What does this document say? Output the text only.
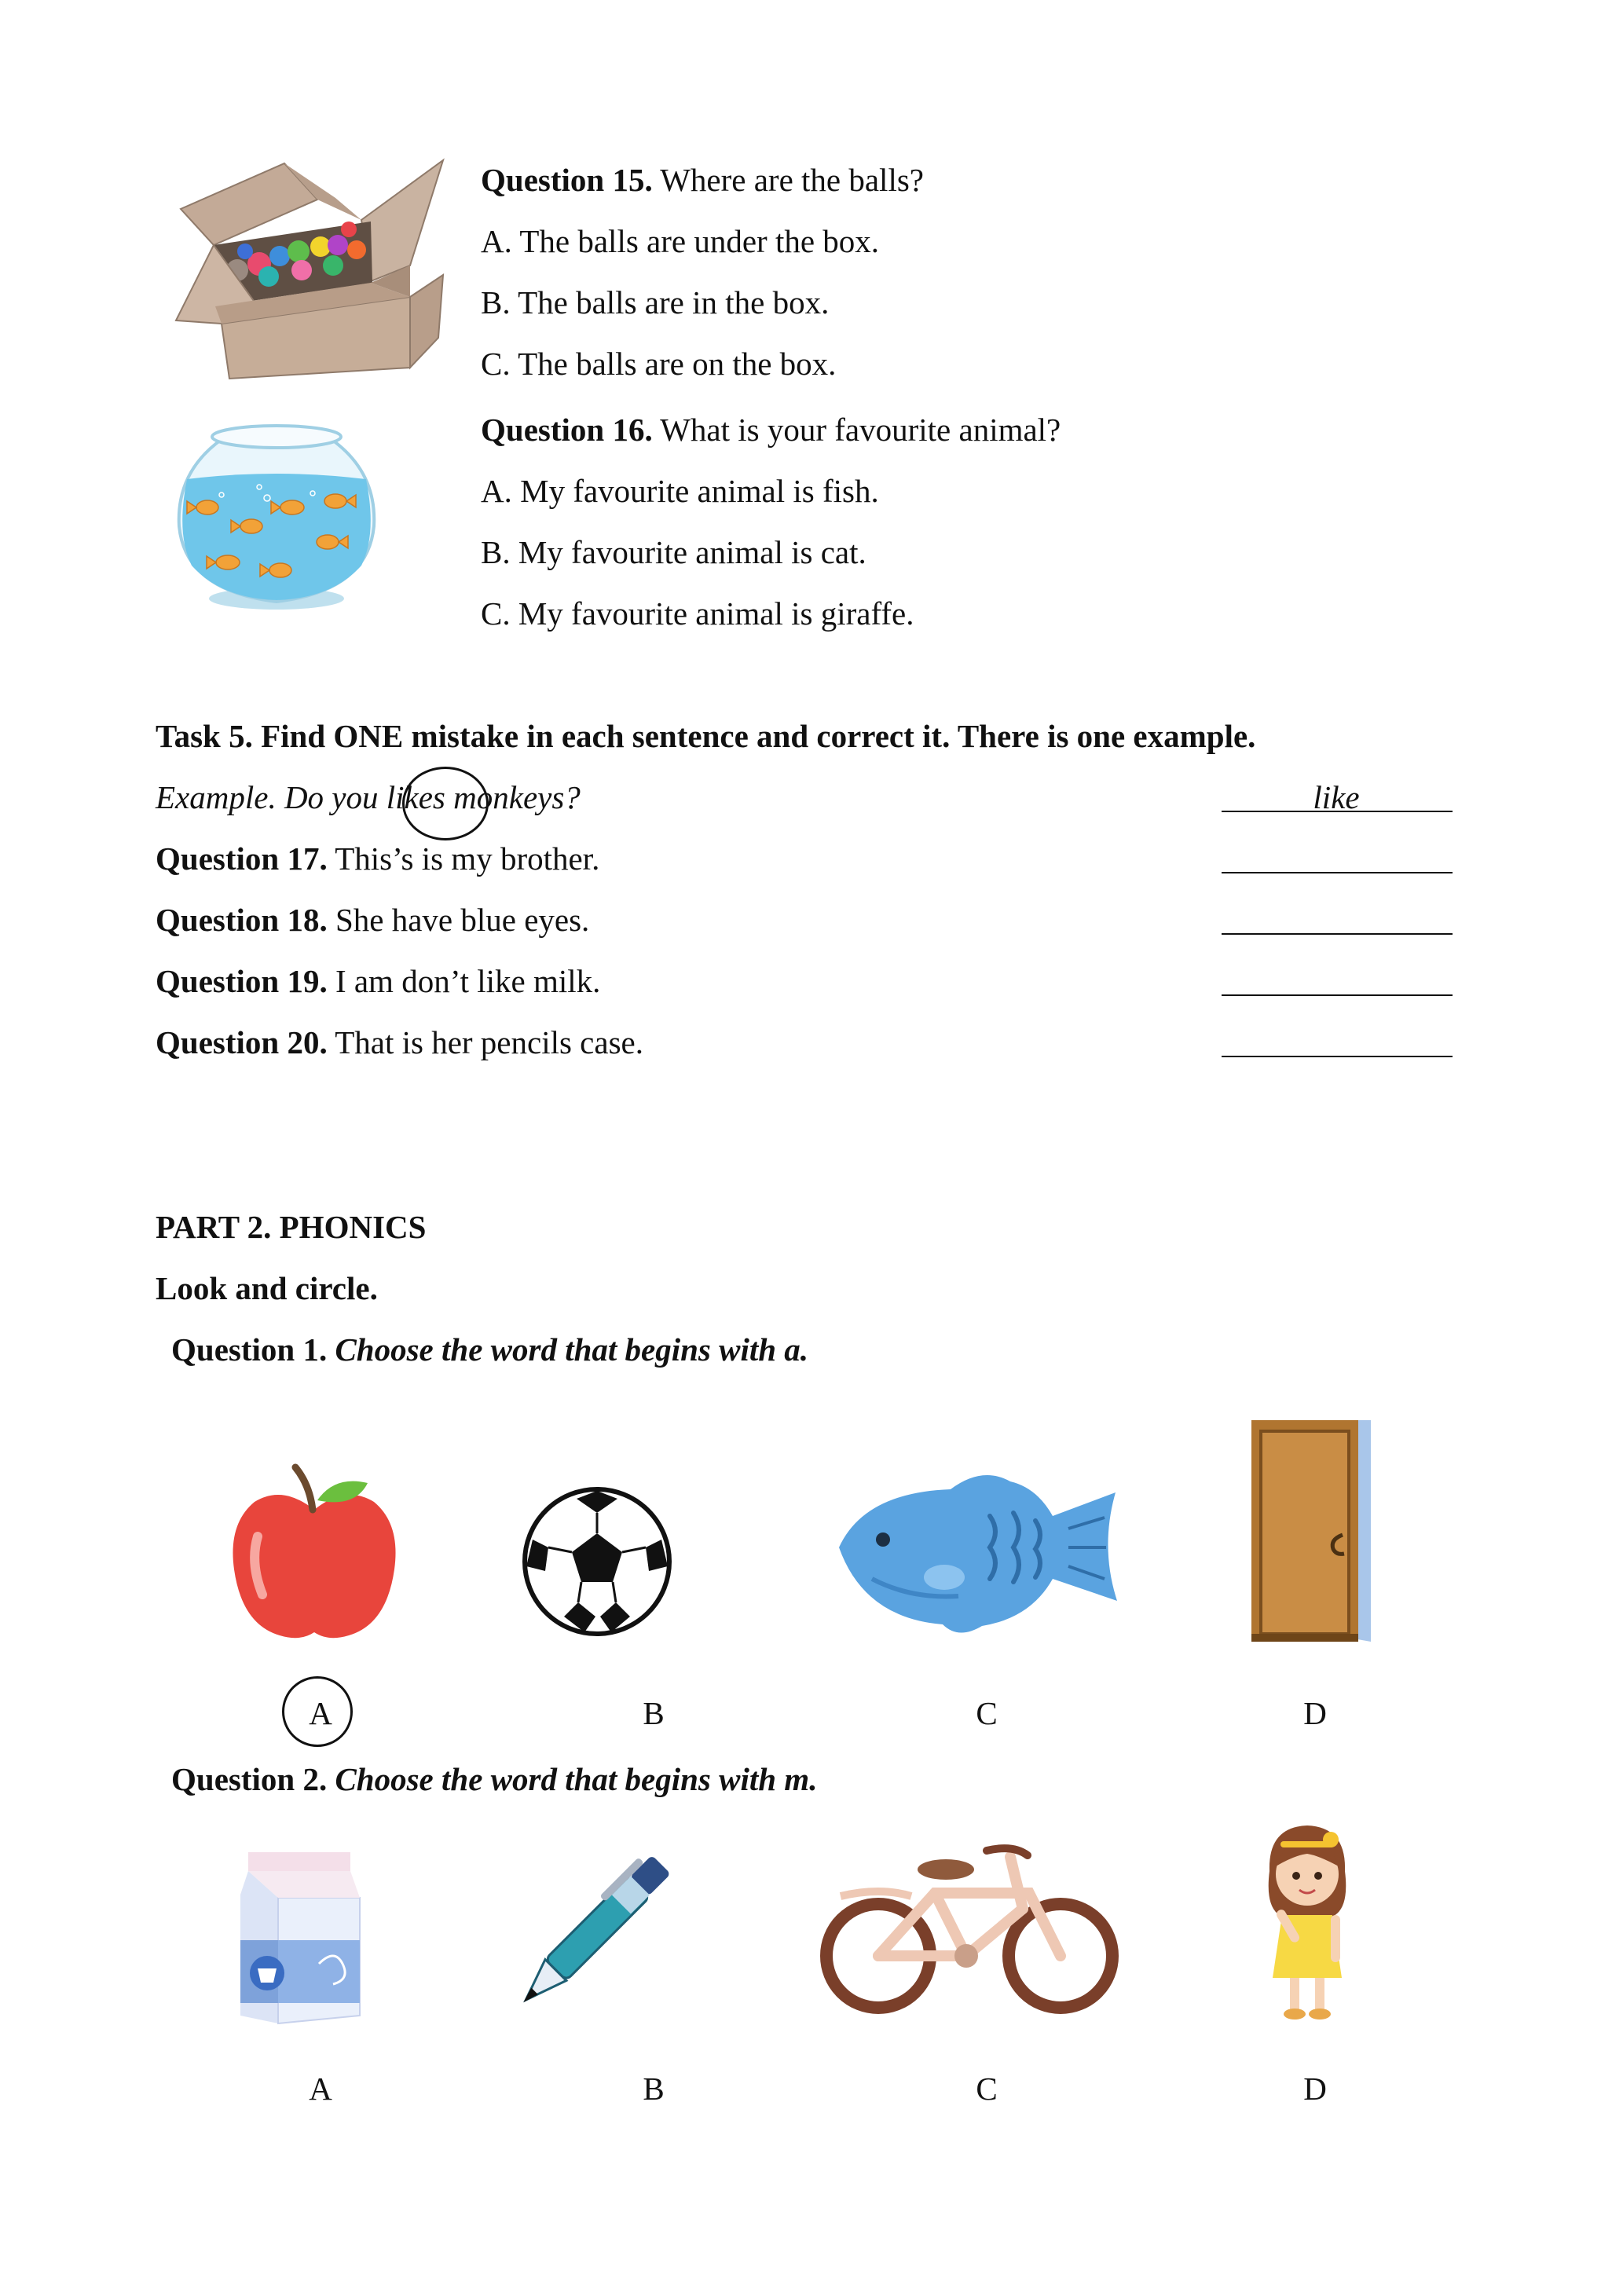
Question 15. Where are the balls?
A. The balls are under the box.
B. The balls are in the box.
C. The balls are on the box.
Question 16. What is your favourite animal?
A. My favourite animal is fish.
B. My favourite animal is cat.
C. My favourite animal is giraffe.
Task 5. Find ONE mistake in each sentence and correct it. There is one example.
Example. Do you likes monkeys?	like
Question 17. This’s is my brother.
Question 18. She have blue eyes.
Question 19. I am don’t like milk.
Question 20. That is her pencils case.
PART 2. PHONICS
Look and circle.
Question 1. Choose the word that begins with a.
A	B	C	D
Question 2. Choose the word that begins with m.
A	B	C	D
